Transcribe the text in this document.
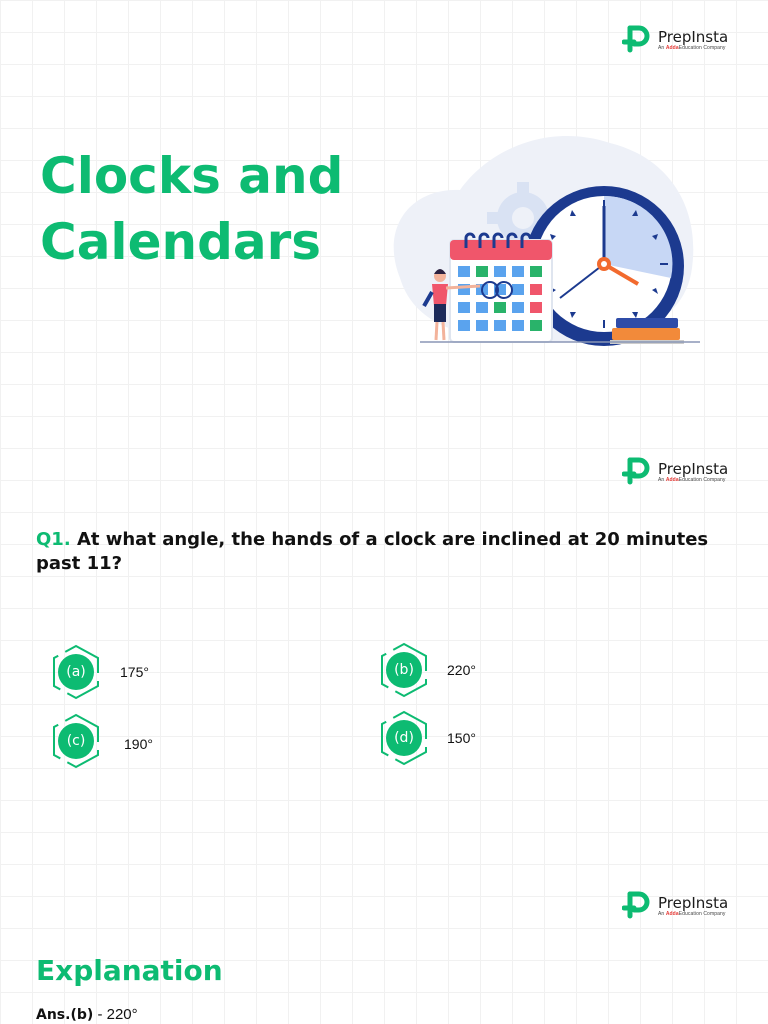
PrepInsta
An AddaEducation Company
Clocks and
Calendars
PrepInsta
An AddaEducation Company
Q1. At what angle, the hands of a clock are inclined at 20 minutes past 11?
(a)	175°	(b)	220°
(c)	190°	(d)	150°
PrepInsta
An AddaEducation Company
Explanation
Ans.(b) - 220°
